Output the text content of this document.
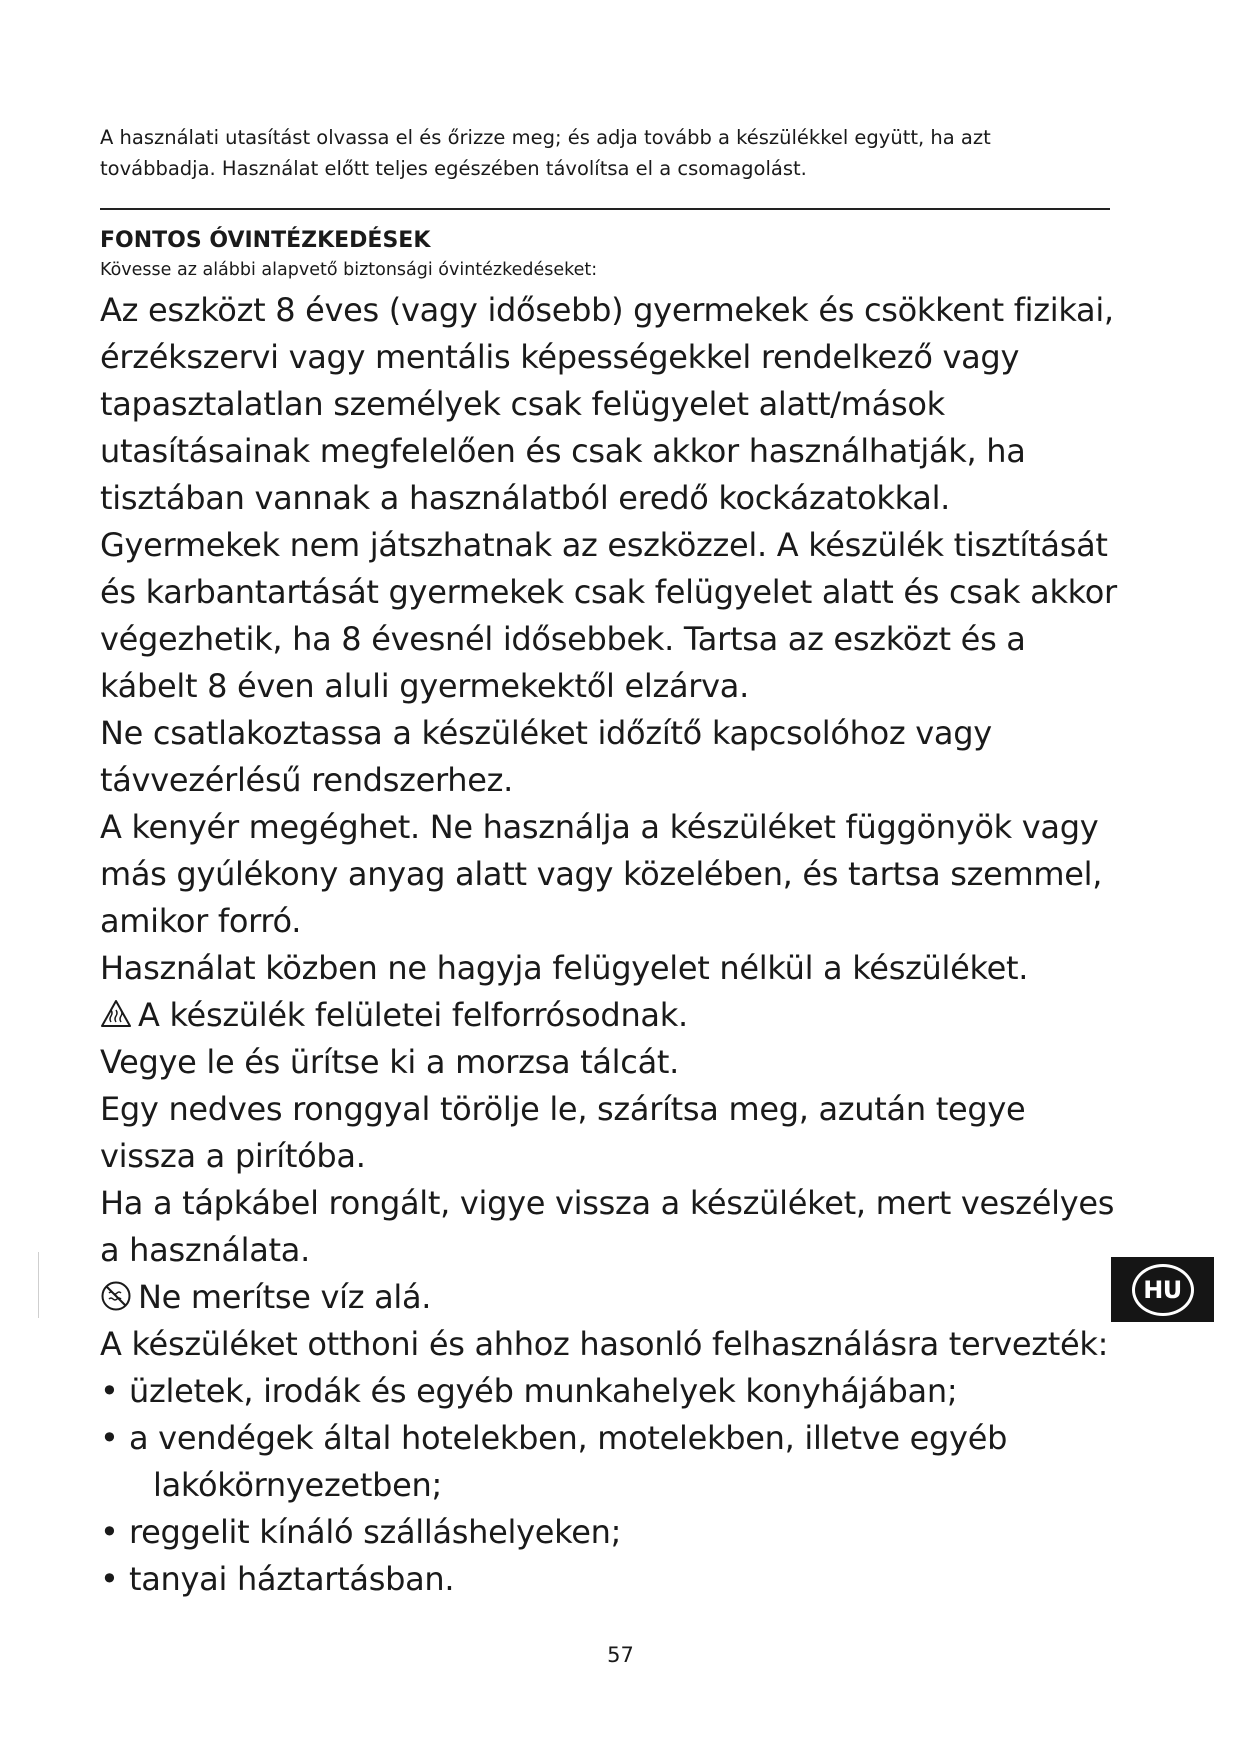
A használati utasítást olvassa el és őrizze meg; és adja tovább a készülékkel együtt, ha azt továbbadja. Használat előtt teljes egészében távolítsa el a csomagolást.

FONTOS ÓVINTÉZKEDÉSEK

Kövesse az alábbi alapvető biztonsági óvintézkedéseket:

Az eszközt 8 éves (vagy idősebb) gyermekek és csökkent fizikai, érzékszervi vagy mentális képességekkel rendelkező vagy tapasztalatlan személyek csak felügyelet alatt/mások utasításainak megfelelően és csak akkor használhatják, ha tisztában vannak a használatból eredő kockázatokkal.

Gyermekek nem játszhatnak az eszközzel. A készülék tisztítását és karbantartását gyermekek csak felügyelet alatt és csak akkor végezhetik, ha 8 évesnél idősebbek. Tartsa az eszközt és a kábelt 8 éven aluli gyermekektől elzárva.

Ne csatlakoztassa a készüléket időzítő kapcsolóhoz vagy távvezérlésű rendszerhez.

A kenyér megéghet. Ne használja a készüléket függönyök vagy más gyúlékony anyag alatt vagy közelében, és tartsa szemmel, amikor forró.

Használat közben ne hagyja felügyelet nélkül a készüléket.

A készülék felületei felforrósodnak.

Vegye le és ürítse ki a morzsa tálcát.

Egy nedves ronggyal törölje le, szárítsa meg, azután tegye vissza a pirítóba.

Ha a tápkábel rongált, vigye vissza a készüléket, mert veszélyes a használata.

Ne merítse víz alá.

A készüléket otthoni és ahhoz hasonló felhasználásra tervezték:

• üzletek, irodák és egyéb munkahelyek konyhájában;
• a vendégek által hotelekben, motelekben, illetve egyéb
lakókörnyezetben;
• reggelit kínáló szálláshelyeken;
• tanyai háztartásban.
HU
57
